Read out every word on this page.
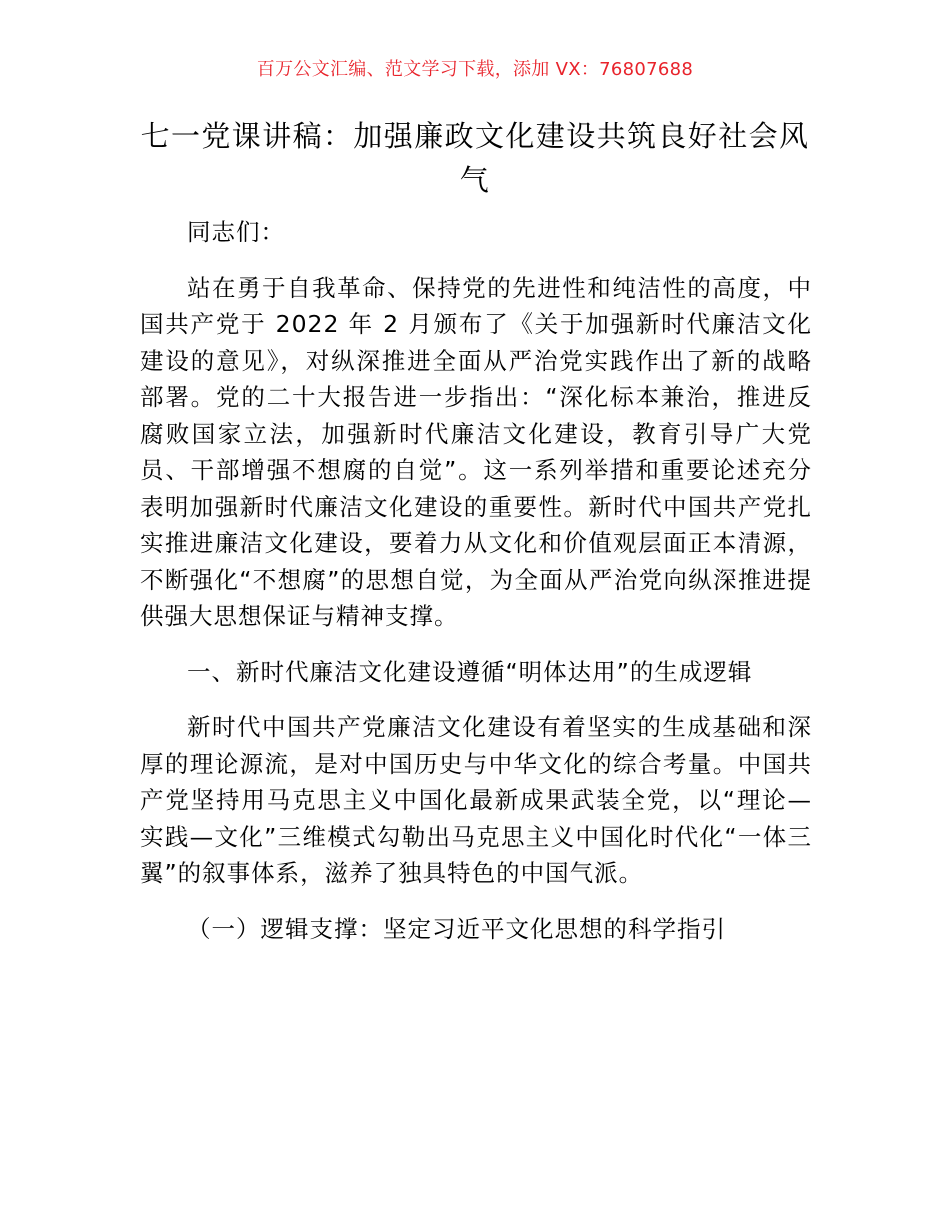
百万公文汇编、范文学习下载，添加 VX：76807688
七一党课讲稿：加强廉政文化建设共筑良好社会风气

同志们：

站在勇于自我革命、保持党的先进性和纯洁性的高度，中国共产党于 2022 年 2 月颁布了《关于加强新时代廉洁文化建设的意见》，对纵深推进全面从严治党实践作出了新的战略部署。党的二十大报告进一步指出：“深化标本兼治，推进反腐败国家立法，加强新时代廉洁文化建设，教育引导广大党员、干部增强不想腐的自觉”。这一系列举措和重要论述充分表明加强新时代廉洁文化建设的重要性。新时代中国共产党扎实推进廉洁文化建设，要着力从文化和价值观层面正本清源，不断强化“不想腐”的思想自觉，为全面从严治党向纵深推进提供强大思想保证与精神支撑。

一、新时代廉洁文化建设遵循“明体达用”的生成逻辑

新时代中国共产党廉洁文化建设有着坚实的生成基础和深厚的理论源流，是对中国历史与中华文化的综合考量。中国共产党坚持用马克思主义中国化最新成果武装全党，以“理论—实践—文化”三维模式勾勒出马克思主义中国化时代化“一体三翼”的叙事体系，滋养了独具特色的中国气派。

（一）逻辑支撑：坚定习近平文化思想的科学指引
